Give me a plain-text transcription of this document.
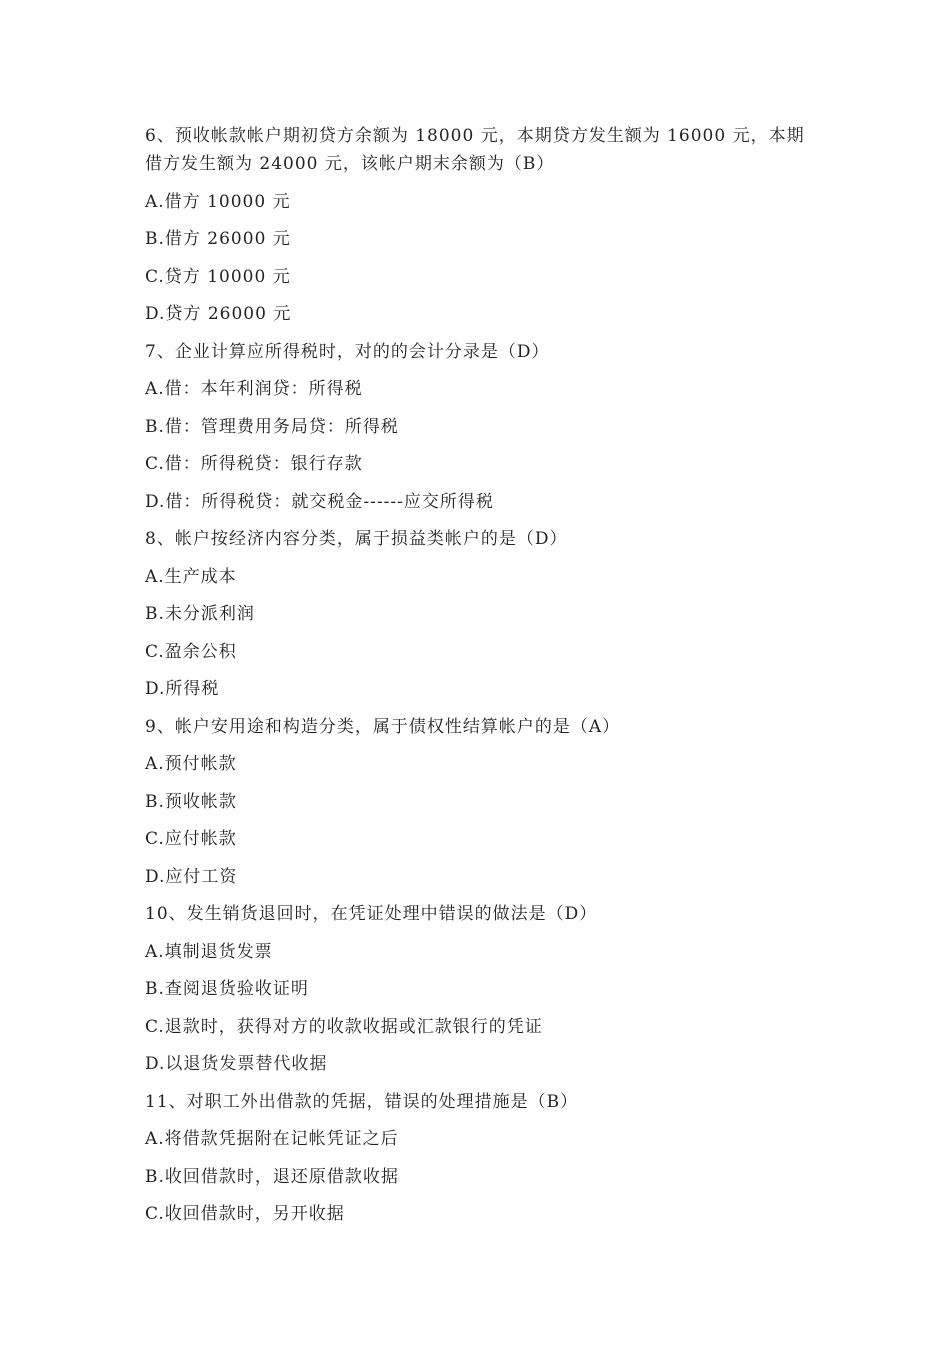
6、预收帐款帐户期初贷方余额为 18000 元，本期贷方发生额为 16000 元，本期
借方发生额为 24000 元，该帐户期末余额为（B）
A.借方 10000 元
B.借方 26000 元
C.贷方 10000 元
D.贷方 26000 元
7、企业计算应所得税时，对的的会计分录是（D）
A.借：本年利润贷：所得税
B.借：管理费用务局贷：所得税
C.借：所得税贷：银行存款
D.借：所得税贷：就交税金------应交所得税
8、帐户按经济内容分类，属于损益类帐户的是（D）
A.生产成本
B.未分派利润
C.盈余公积
D.所得税
9、帐户安用途和构造分类，属于债权性结算帐户的是（A）
A.预付帐款
B.预收帐款
C.应付帐款
D.应付工资
10、发生销货退回时，在凭证处理中错误的做法是（D）
A.填制退货发票
B.查阅退货验收证明
C.退款时，获得对方的收款收据或汇款银行的凭证
D.以退货发票替代收据
11、对职工外出借款的凭据，错误的处理措施是（B）
A.将借款凭据附在记帐凭证之后
B.收回借款时，退还原借款收据
C.收回借款时，另开收据
